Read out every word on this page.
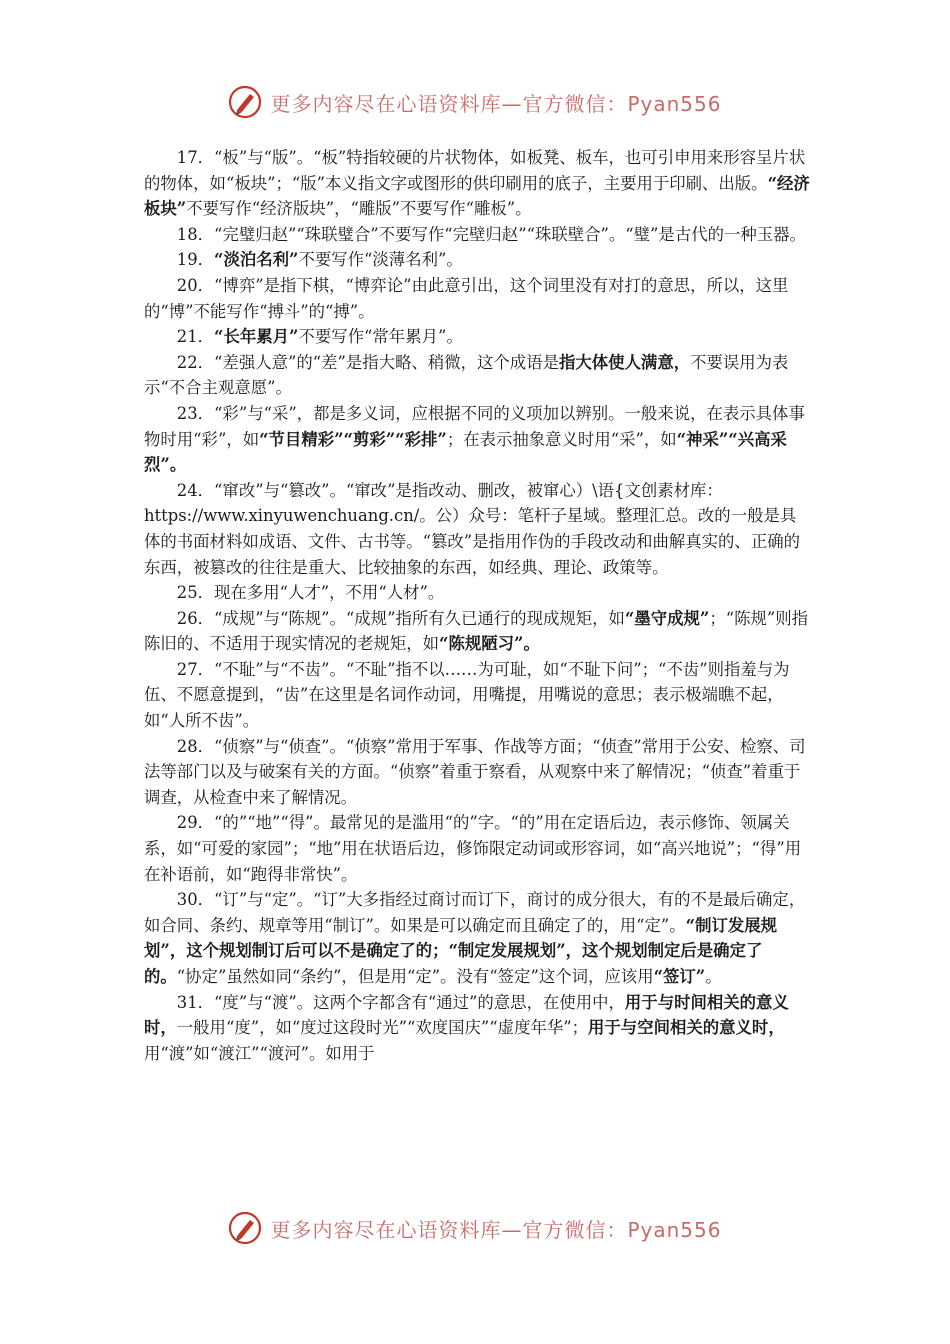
更多内容尽在心语资料库—官方微信：Pyan556

17．“板”与“版”。“板”特指较硬的片状物体，如板凳、板车，也可引申用来形容呈片状的物体，如“板块”；“版”本义指文字或图形的供印刷用的底子，主要用于印刷、出版。“经济板块”不要写作“经济版块”，“雕版”不要写作“雕板”。

18．“完璧归赵”“珠联璧合”不要写作“完壁归赵”“珠联壁合”。“璧”是古代的一种玉器。

19．“淡泊名利”不要写作“淡薄名利”。

20．“博弈”是指下棋，“博弈论”由此意引出，这个词里没有对打的意思，所以，这里的“博”不能写作“搏斗”的“搏”。

21．“长年累月”不要写作“常年累月”。

22．“差强人意”的“差”是指大略、稍微，这个成语是指大体使人满意，不要误用为表示“不合主观意愿”。

23．“彩”与“采”，都是多义词，应根据不同的义项加以辨别。一般来说，在表示具体事物时用“彩”，如“节目精彩”“剪彩”“彩排”；在表示抽象意义时用“采”，如“神采”“兴高采烈”。

24．“窜改”与“篡改”。“窜改”是指改动、删改，被窜心）\语{文创素材库：https://www.xinyuwenchuang.cn/。公）众号：笔杆子星域。整理汇总。改的一般是具体的书面材料如成语、文件、古书等。“篡改”是指用作伪的手段改动和曲解真实的、正确的东西，被篡改的往往是重大、比较抽象的东西，如经典、理论、政策等。

25．现在多用“人才”，不用“人材”。

26．“成规”与“陈规”。“成规”指所有久已通行的现成规矩，如“墨守成规”；“陈规”则指陈旧的、不适用于现实情况的老规矩，如“陈规陋习”。

27．“不耻”与“不齿”。“不耻”指不以……为可耻，如“不耻下问”；“不齿”则指羞与为伍、不愿意提到，“齿”在这里是名词作动词，用嘴提，用嘴说的意思；表示极端瞧不起，如“人所不齿”。

28．“侦察”与“侦查”。“侦察”常用于军事、作战等方面；“侦查”常用于公安、检察、司法等部门以及与破案有关的方面。“侦察”着重于察看，从观察中来了解情况；“侦查”着重于调查，从检查中来了解情况。

29．“的”“地”“得”。最常见的是滥用“的”字。“的”用在定语后边，表示修饰、领属关系，如“可爱的家园”；“地”用在状语后边，修饰限定动词或形容词，如“高兴地说”；“得”用在补语前，如“跑得非常快”。

30．“订”与“定”。“订”大多指经过商讨而订下，商讨的成分很大，有的不是最后确定，如合同、条约、规章等用“制订”。如果是可以确定而且确定了的，用“定”。“制订发展规划”，这个规划制订后可以不是确定了的；“制定发展规划”，这个规划制定后是确定了的。“协定”虽然如同“条约”，但是用“定”。没有“签定”这个词，应该用“签订”。

31．“度”与“渡”。这两个字都含有“通过”的意思，在使用中，用于与时间相关的意义时，一般用“度”，如“度过这段时光”“欢度国庆”“虚度年华”；用于与空间相关的意义时，用“渡”如“渡江”“渡河”。如用于

更多内容尽在心语资料库—官方微信：Pyan556
